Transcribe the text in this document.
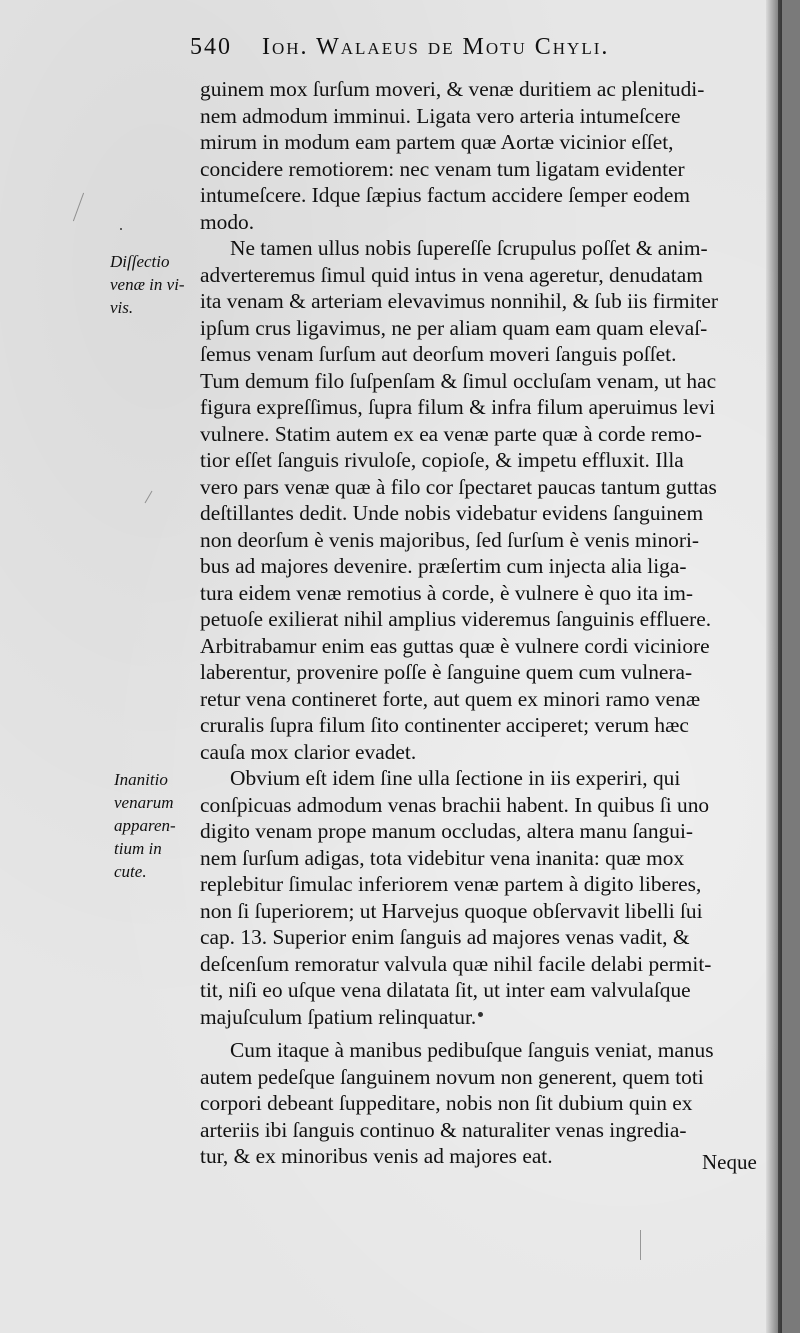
540 Ioh. Walaeus de Motu Chyli.
Diſſectio
venæ in vi-
vis.
Inanitio
venarum
apparen-
tium in
cute.
guinem mox ſurſum moveri, & venæ duritiem ac plenitudi-
nem admodum imminui. Ligata vero arteria intumeſcere
mirum in modum eam partem quæ Aortæ vicinior eſſet,
concidere remotiorem: nec venam tum ligatam evidenter
intumeſcere. Idque ſæpius factum accidere ſemper eodem
modo.
Ne tamen ullus nobis ſupereſſe ſcrupulus poſſet & anim-
adverteremus ſimul quid intus in vena ageretur, denudatam
ita venam & arteriam elevavimus nonnihil, & ſub iis firmiter
ipſum crus ligavimus, ne per aliam quam eam quam elevaſ-
ſemus venam ſurſum aut deorſum moveri ſanguis poſſet.
Tum demum filo ſuſpenſam & ſimul occluſam venam, ut hac
figura expreſſimus, ſupra filum & infra filum aperuimus levi
vulnere. Statim autem ex ea venæ parte quæ à corde remo-
tior eſſet ſanguis rivuloſe, copioſe, & impetu effluxit. Illa
vero pars venæ quæ à filo cor ſpectaret paucas tantum guttas
deſtillantes dedit. Unde nobis videbatur evidens ſanguinem
non deorſum è venis majoribus, ſed ſurſum è venis minori-
bus ad majores devenire. præſertim cum injecta alia liga-
tura eidem venæ remotius à corde, è vulnere è quo ita im-
petuoſe exilierat nihil amplius videremus ſanguinis effluere.
Arbitrabamur enim eas guttas quæ è vulnere cordi viciniore
laberentur, provenire poſſe è ſanguine quem cum vulnera-
retur vena contineret forte, aut quem ex minori ramo venæ
cruralis ſupra filum ſito continenter acciperet; verum hæc
cauſa mox clarior evadet.
Obvium eſt idem ſine ulla ſectione in iis experiri, qui
conſpicuas admodum venas brachii habent. In quibus ſi uno
digito venam prope manum occludas, altera manu ſangui-
nem ſurſum adigas, tota videbitur vena inanita: quæ mox
replebitur ſimulac inferiorem venæ partem à digito liberes,
non ſi ſuperiorem; ut Harvejus quoque obſervavit libelli ſui
cap. 13. Superior enim ſanguis ad majores venas vadit, &
deſcenſum remoratur valvula quæ nihil facile delabi permit-
tit, niſi eo uſque vena dilatata ſit, ut inter eam valvulaſque
majuſculum ſpatium relinquatur.
Cum itaque à manibus pedibuſque ſanguis veniat, manus
autem pedeſque ſanguinem novum non generent, quem toti
corpori debeant ſuppeditare, nobis non ſit dubium quin ex
arteriis ibi ſanguis continuo & naturaliter venas ingredia-
tur, & ex minoribus venis ad majores eat.	Neque
